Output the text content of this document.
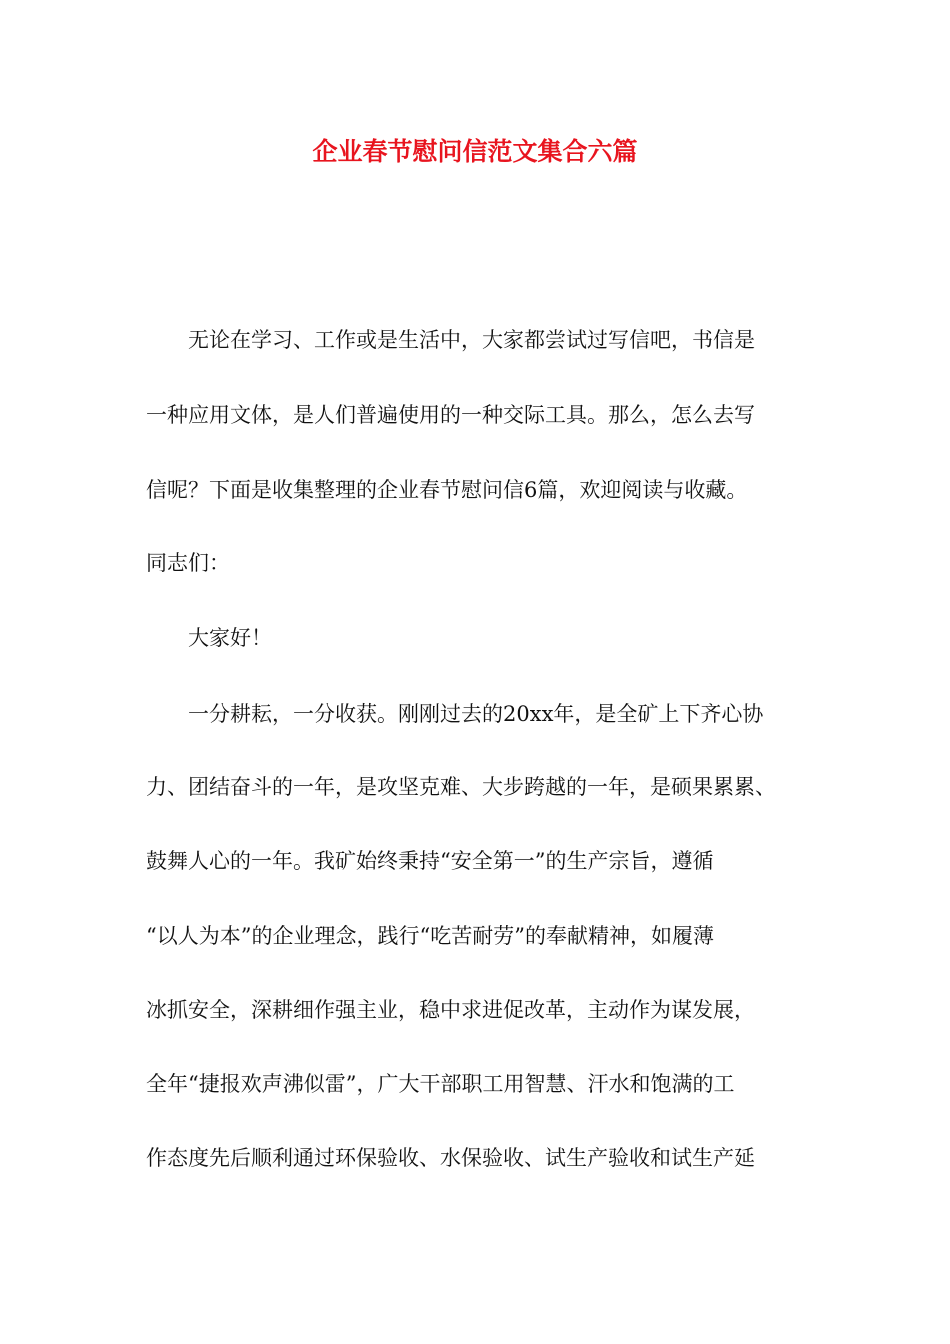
企业春节慰问信范文集合六篇
　　无论在学习、工作或是生活中，大家都尝试过写信吧，书信是
一种应用文体，是人们普遍使用的一种交际工具。那么，怎么去写
信呢？下面是收集整理的企业春节慰问信6篇，欢迎阅读与收藏。
同志们：
　　大家好！
　　一分耕耘，一分收获。刚刚过去的20xx年，是全矿上下齐心协
力、团结奋斗的一年，是攻坚克难、大步跨越的一年，是硕果累累、
鼓舞人心的一年。我矿始终秉持“安全第一”的生产宗旨，遵循
“以人为本”的企业理念，践行“吃苦耐劳”的奉献精神，如履薄
冰抓安全，深耕细作强主业，稳中求进促改革，主动作为谋发展，
全年“捷报欢声沸似雷”，广大干部职工用智慧、汗水和饱满的工
作态度先后顺利通过环保验收、水保验收、试生产验收和试生产延
